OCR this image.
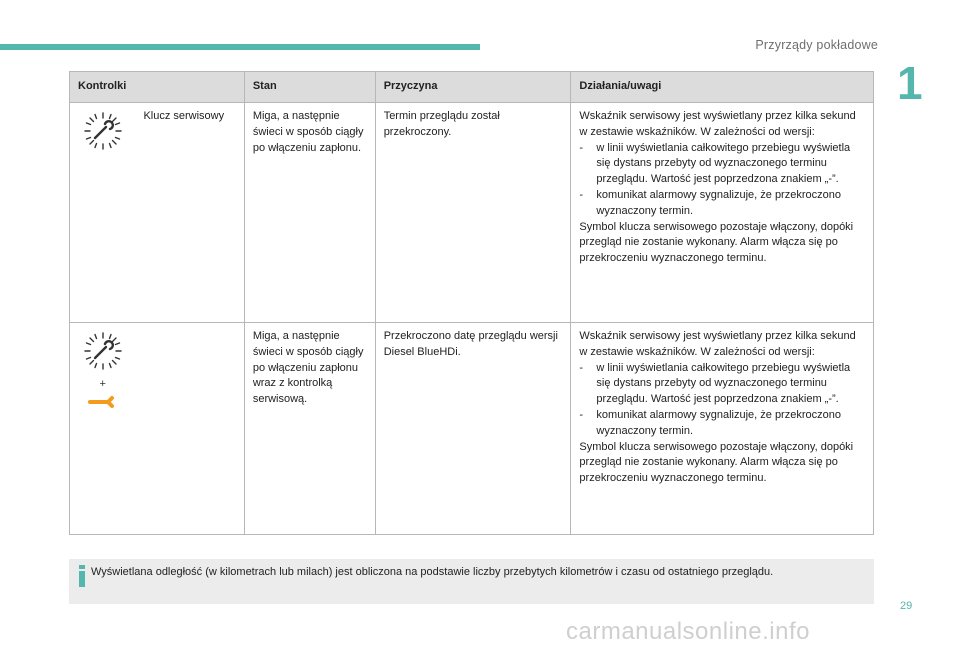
Przyrządy pokładowe
1
Kontrolki		Stan	Przyczyna	Działania/uwagi
	Klucz serwisowy	Miga, a następnie świeci w sposób ciągły po włączeniu zapłonu.	Termin przeglądu został przekroczony.	Wskaźnik serwisowy jest wyświetlany przez kilka sekund w zestawie wskaźników. W zależności od wersji:
- w linii wyświetlania całkowitego przebiegu wyświetla się dystans przebyty od wyznaczonego terminu przeglądu. Wartość jest poprzedzona znakiem „-”.
- komunikat alarmowy sygnalizuje, że przekroczono wyznaczony termin.
Symbol klucza serwisowego pozostaje włączony, dopóki przegląd nie zostanie wykonany. Alarm włącza się po przekroczeniu wyznaczonego terminu.

+		Miga, a następnie świeci w sposób ciągły po włączeniu zapłonu wraz z kontrolką serwisową.	Przekroczono datę przeglądu wersji Diesel BlueHDi.	Wskaźnik serwisowy jest wyświetlany przez kilka sekund w zestawie wskaźników. W zależności od wersji:
- w linii wyświetlania całkowitego przebiegu wyświetla się dystans przebyty od wyznaczonego terminu przeglądu. Wartość jest poprzedzona znakiem „-”.
- komunikat alarmowy sygnalizuje, że przekroczono wyznaczony termin.
Symbol klucza serwisowego pozostaje włączony, dopóki przegląd nie zostanie wykonany. Alarm włącza się po przekroczeniu wyznaczonego terminu.
Wyświetlana odległość (w kilometrach lub milach) jest obliczona na podstawie liczby przebytych kilometrów i czasu od ostatniego przeglądu.
29
carmanualsonline.info
